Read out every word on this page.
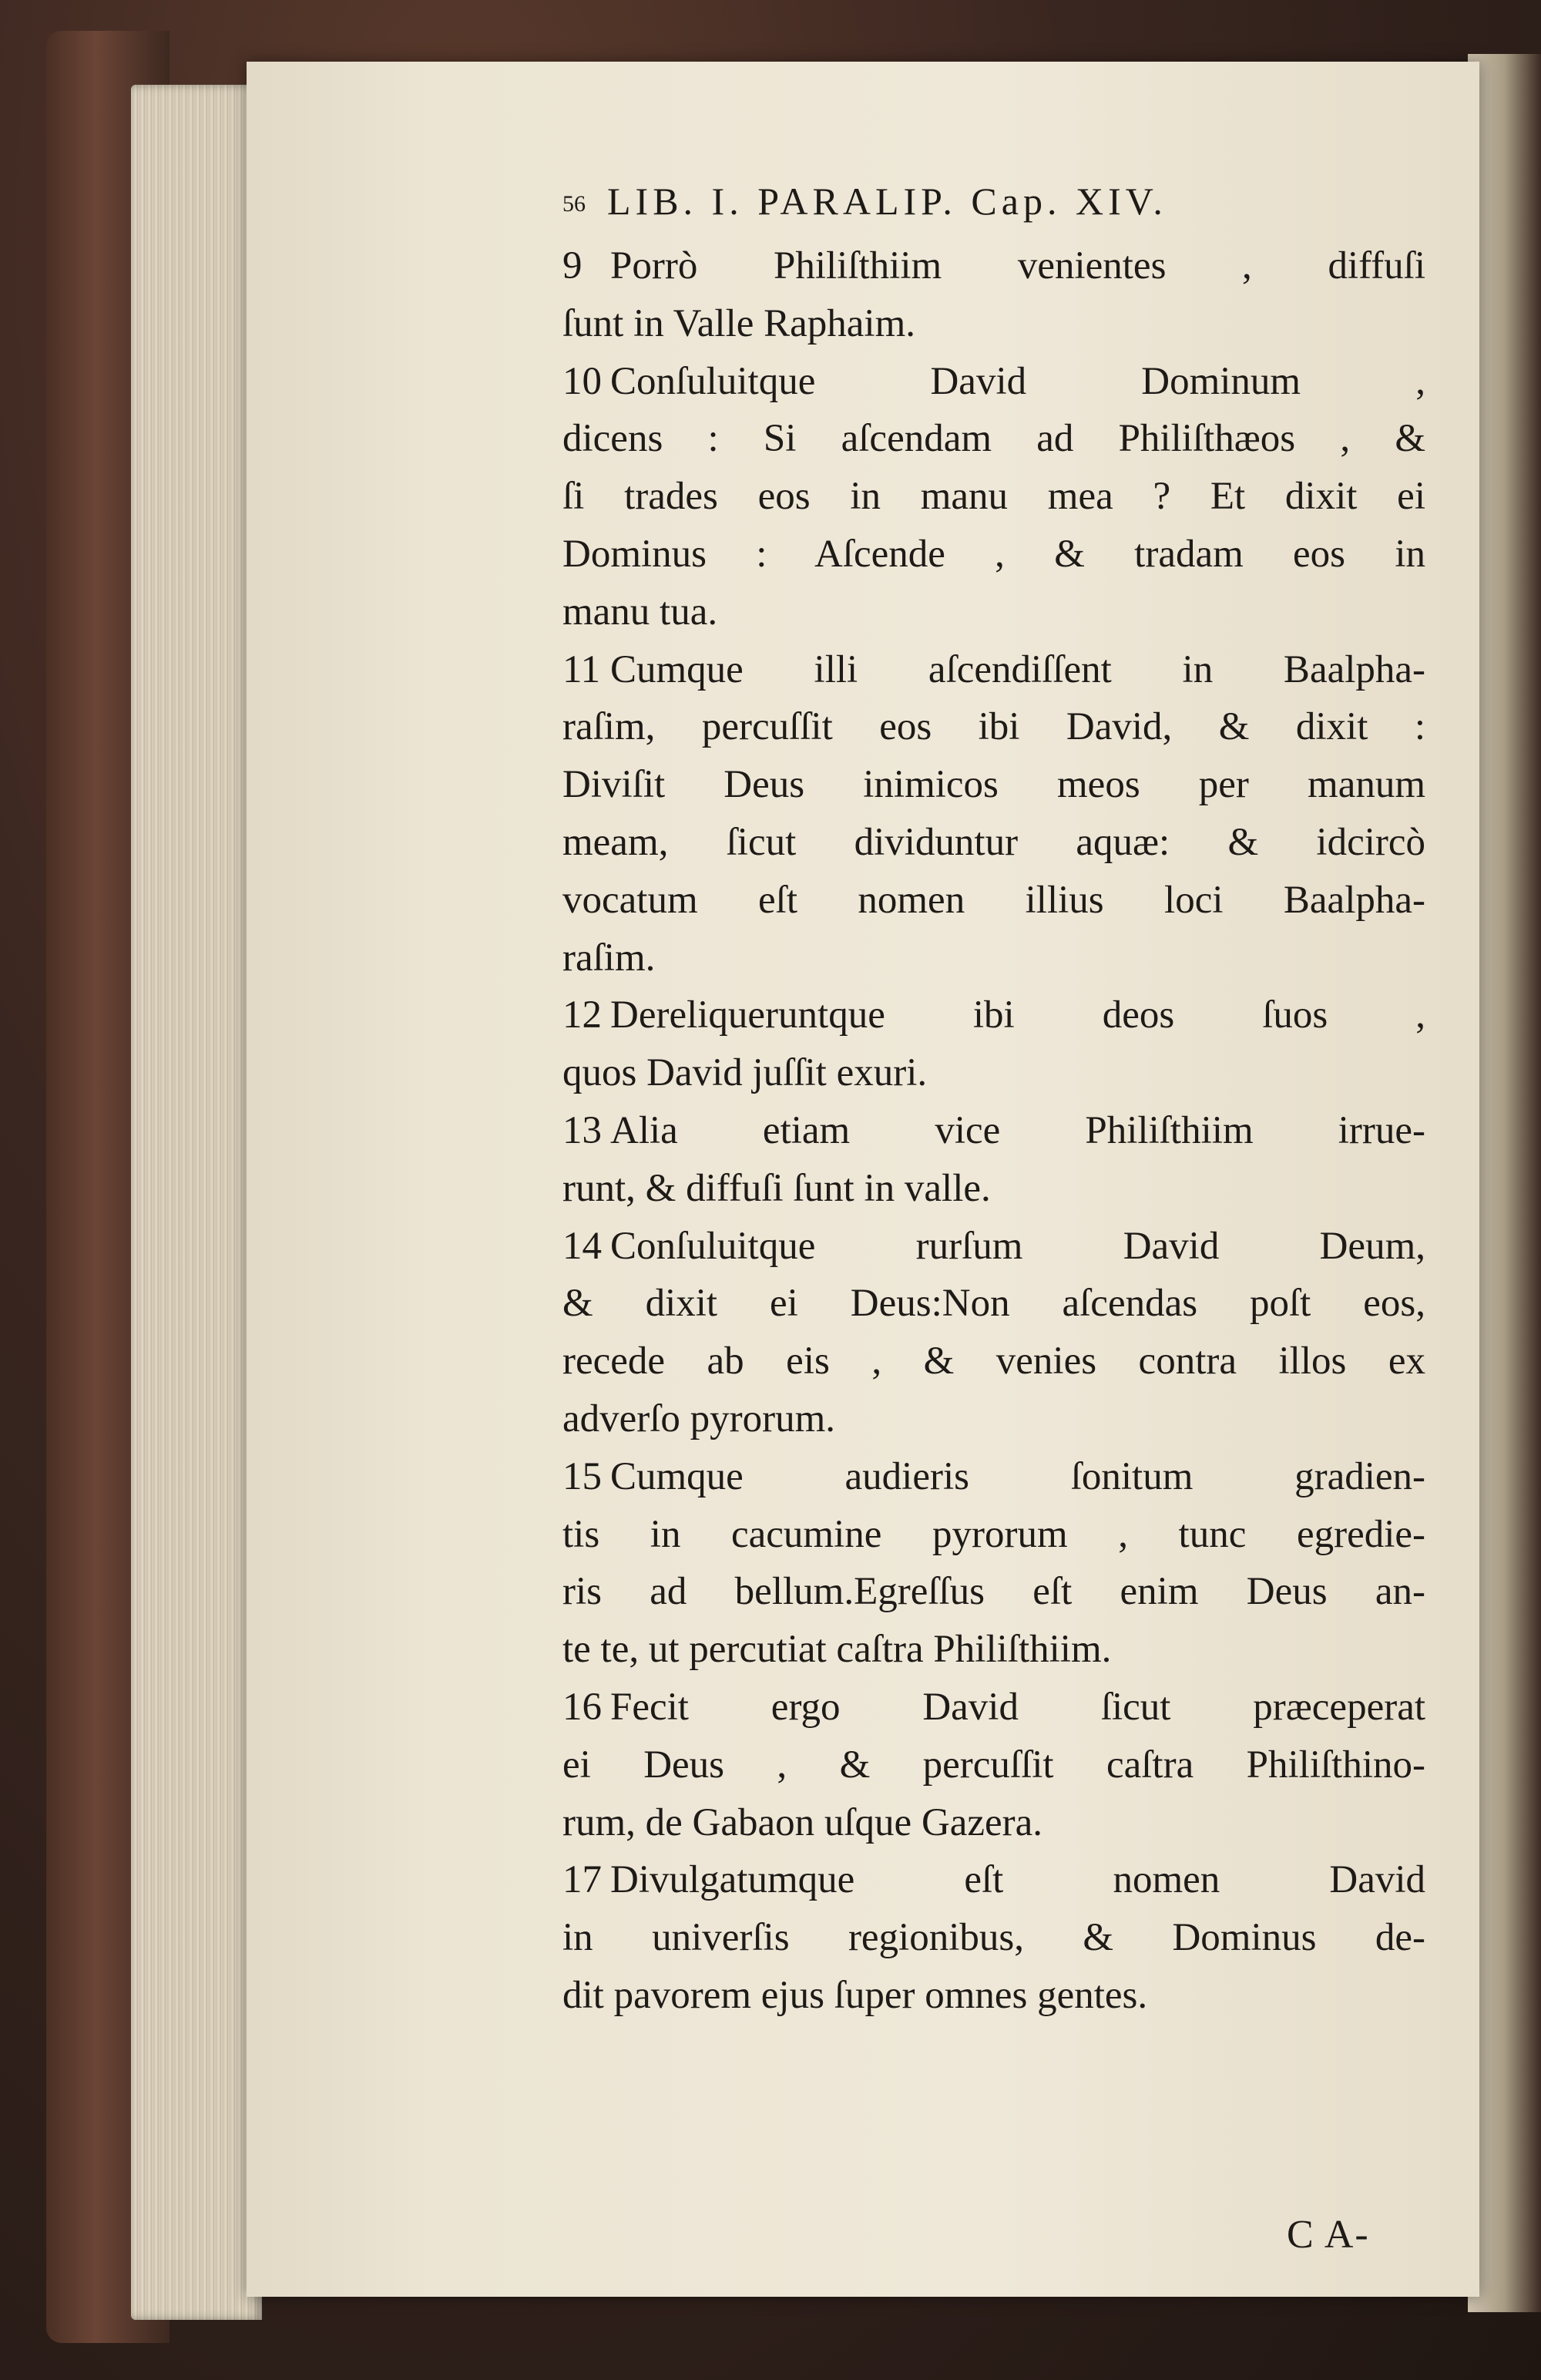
56 LIB. I. PARALIP. Cap. XIV.
9 Porrò Philiſthiim venientes , diffuſi
ſunt in Valle Raphaim.
10 Conſuluitque David Dominum ,
dicens : Si aſcendam ad Philiſthæos , &
ſi trades eos in manu mea ? Et dixit ei
Dominus : Aſcende , & tradam eos in
manu tua.
11 Cumque illi aſcendiſſent in Baalpha-
raſim, percuſſit eos ibi David, & dixit :
Diviſit Deus inimicos meos per manum
meam, ſicut dividuntur aquæ: & idcircò
vocatum eſt nomen illius loci Baalpha-
raſim.
12 Dereliqueruntque ibi deos ſuos ,
quos David juſſit exuri.
13 Alia etiam vice Philiſthiim irrue-
runt, & diffuſi ſunt in valle.
14 Conſuluitque rurſum David Deum,
& dixit ei Deus:Non aſcendas poſt eos,
recede ab eis , & venies contra illos ex
adverſo pyrorum.
15 Cumque audieris ſonitum gradien-
tis in cacumine pyrorum , tunc egredie-
ris ad bellum.Egreſſus eſt enim Deus an-
te te, ut percutiat caſtra Philiſthiim.
16 Fecit ergo David ſicut præceperat
ei Deus , & percuſſit caſtra Philiſthino-
rum, de Gabaon uſque Gazera.
17 Divulgatumque eſt nomen David
in univerſis regionibus, & Dominus de-
dit pavorem ejus ſuper omnes gentes.
C A-
